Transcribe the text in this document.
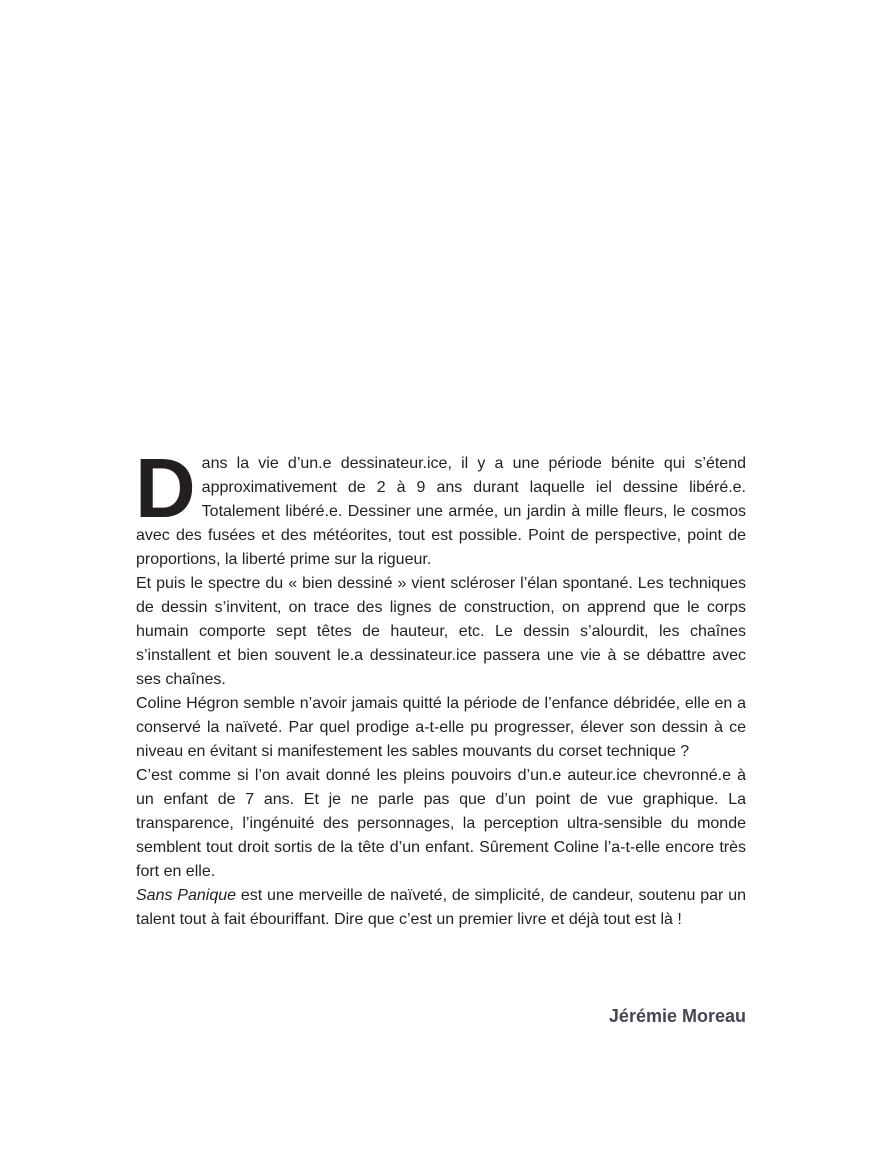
Dans la vie d’un.e dessinateur.ice, il y a une période bénite qui s’étend approximativement de 2 à 9 ans durant laquelle iel dessine libéré.e. Totalement libéré.e. Dessiner une armée, un jardin à mille fleurs, le cosmos avec des fusées et des météorites, tout est possible. Point de perspective, point de proportions, la liberté prime sur la rigueur.

Et puis le spectre du « bien dessiné » vient scléroser l’élan spontané. Les techniques de dessin s’invitent, on trace des lignes de construction, on apprend que le corps humain comporte sept têtes de hauteur, etc. Le dessin s’alourdit, les chaînes s’installent et bien souvent le.a dessinateur.ice passera une vie à se débattre avec ses chaînes.

Coline Hégron semble n’avoir jamais quitté la période de l’enfance débridée, elle en a conservé la naïveté. Par quel prodige a-t-elle pu progresser, élever son dessin à ce niveau en évitant si manifestement les sables mouvants du corset technique ?

C’est comme si l’on avait donné les pleins pouvoirs d’un.e auteur.ice chevronné.e à un enfant de 7 ans. Et je ne parle pas que d’un point de vue graphique. La transparence, l’ingénuité des personnages, la perception ultra-sensible du monde semblent tout droit sortis de la tête d’un enfant. Sûrement Coline l’a-t-elle encore très fort en elle.

Sans Panique est une merveille de naïveté, de simplicité, de candeur, soutenu par un talent tout à fait ébouriffant. Dire que c’est un premier livre et déjà tout est là !

Jérémie Moreau
